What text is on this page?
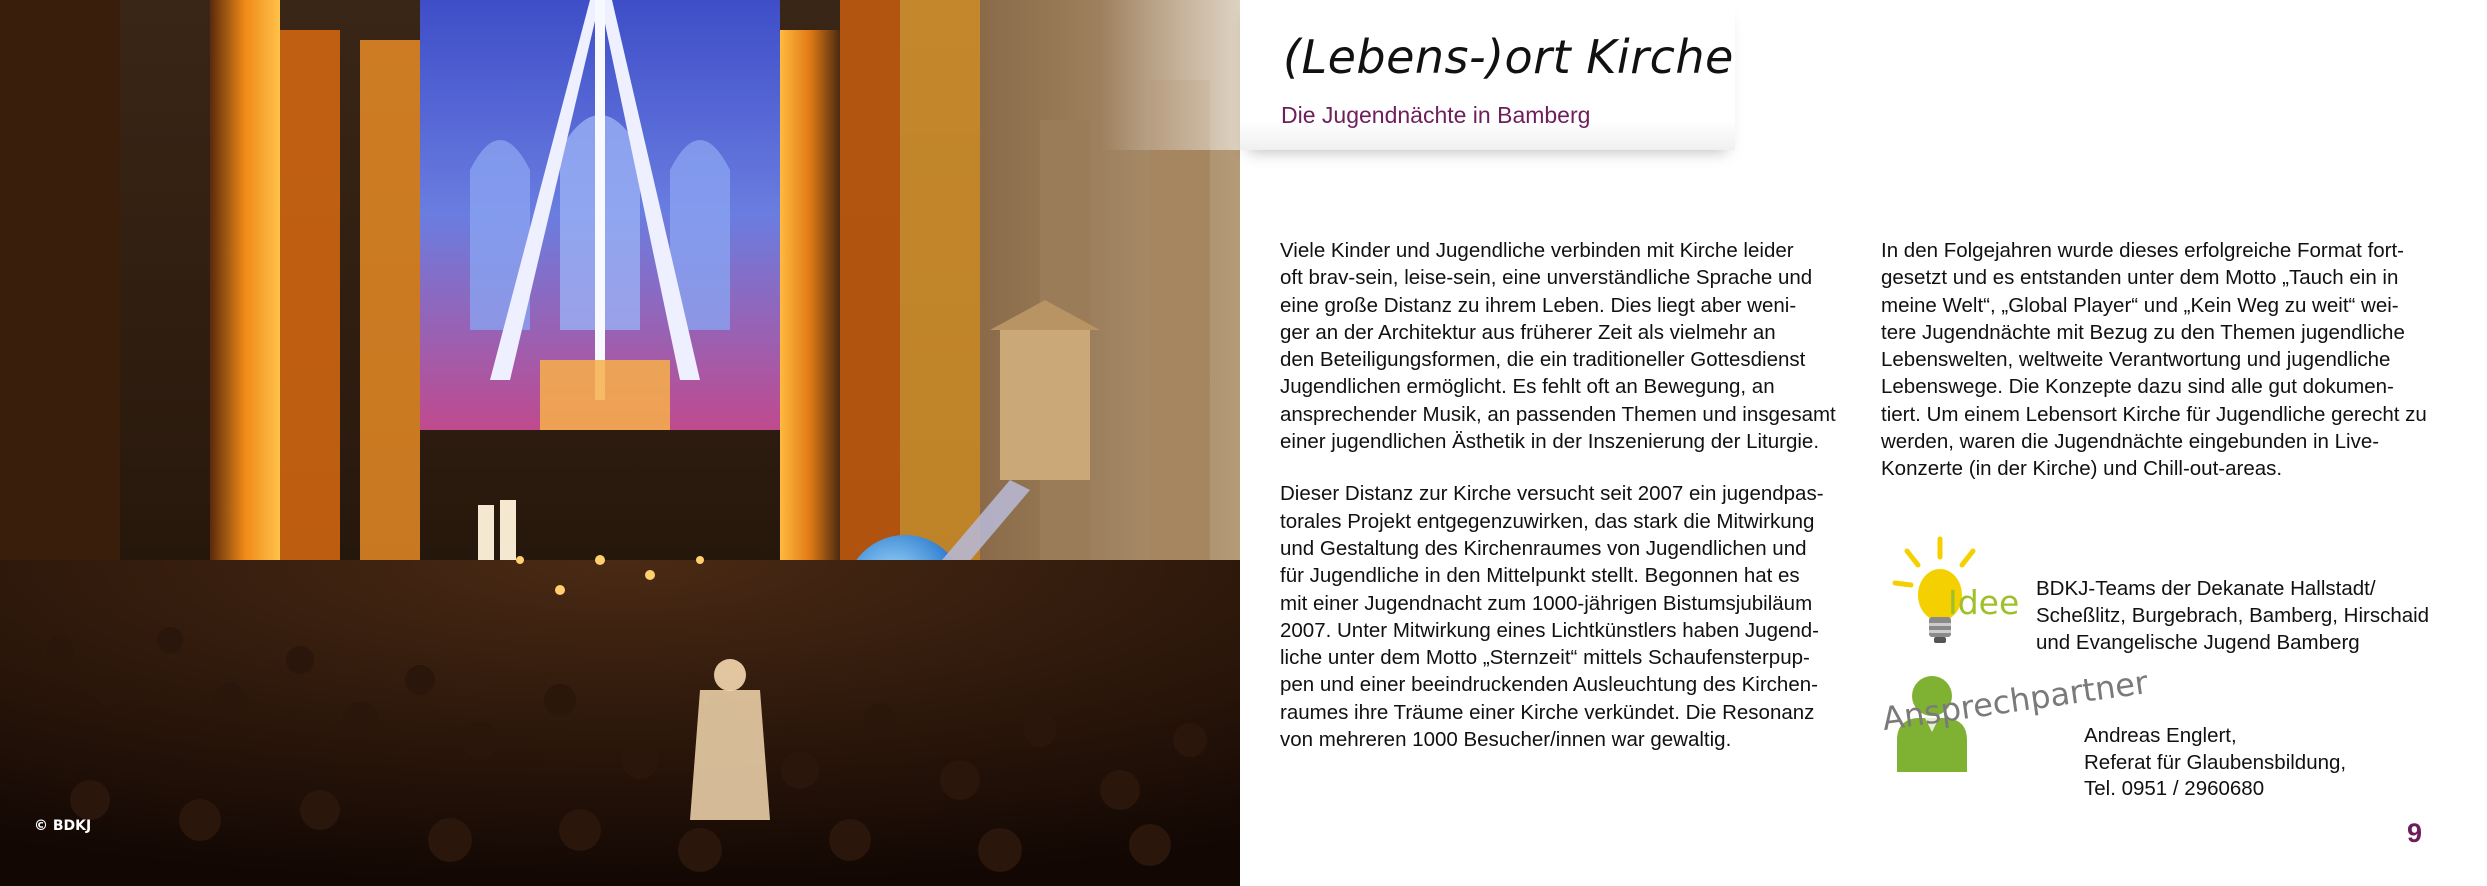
© BDKJ
(Lebens-)ort Kirche
Die Jugendnächte in Bamberg

Viele Kinder und Jugendliche verbinden mit Kirche leider
oft brav-sein, leise-sein, eine unverständliche Sprache und
eine große Distanz zu ihrem Leben. Dies liegt aber weni-
ger an der Architektur aus früherer Zeit als vielmehr an
den Beteiligungsformen, die ein traditioneller Gottesdienst
Jugendlichen ermöglicht. Es fehlt oft an Bewegung, an
ansprechender Musik, an passenden Themen und insgesamt
einer jugendlichen Ästhetik in der Inszenierung der Liturgie.

Dieser Distanz zur Kirche versucht seit 2007 ein jugendpas-
torales Projekt entgegenzuwirken, das stark die Mitwirkung
und Gestaltung des Kirchenraumes von Jugendlichen und
für Jugendliche in den Mittelpunkt stellt. Begonnen hat es
mit einer Jugendnacht zum 1000-jährigen Bistumsjubiläum
2007. Unter Mitwirkung eines Lichtkünstlers haben Jugend-
liche unter dem Motto „Sternzeit“ mittels Schaufensterpup-
pen und einer beeindruckenden Ausleuchtung des Kirchen-
raumes ihre Träume einer Kirche verkündet. Die Resonanz
von mehreren 1000 Besucher/innen war gewaltig.

In den Folgejahren wurde dieses erfolgreiche Format fort-
gesetzt und es entstanden unter dem Motto „Tauch ein in
meine Welt“, „Global Player“ und „Kein Weg zu weit“ wei-
tere Jugendnächte mit Bezug zu den Themen jugendliche
Lebenswelten, weltweite Verantwortung und jugendliche
Lebenswege. Die Konzepte dazu sind alle gut dokumen-
tiert. Um einem Lebensort Kirche für Jugendliche gerecht zu
werden, waren die Jugendnächte eingebunden in Live-
Konzerte (in der Kirche) und Chill-out-areas.

Idee BDKJ-Teams der Dekanate Hallstadt/
Scheßlitz, Burgebrach, Bamberg, Hirschaid
und Evangelische Jugend Bamberg
Ansprechpartner
Andreas Englert,
Referat für Glaubensbildung,
Tel. 0951 / 2960680
9
